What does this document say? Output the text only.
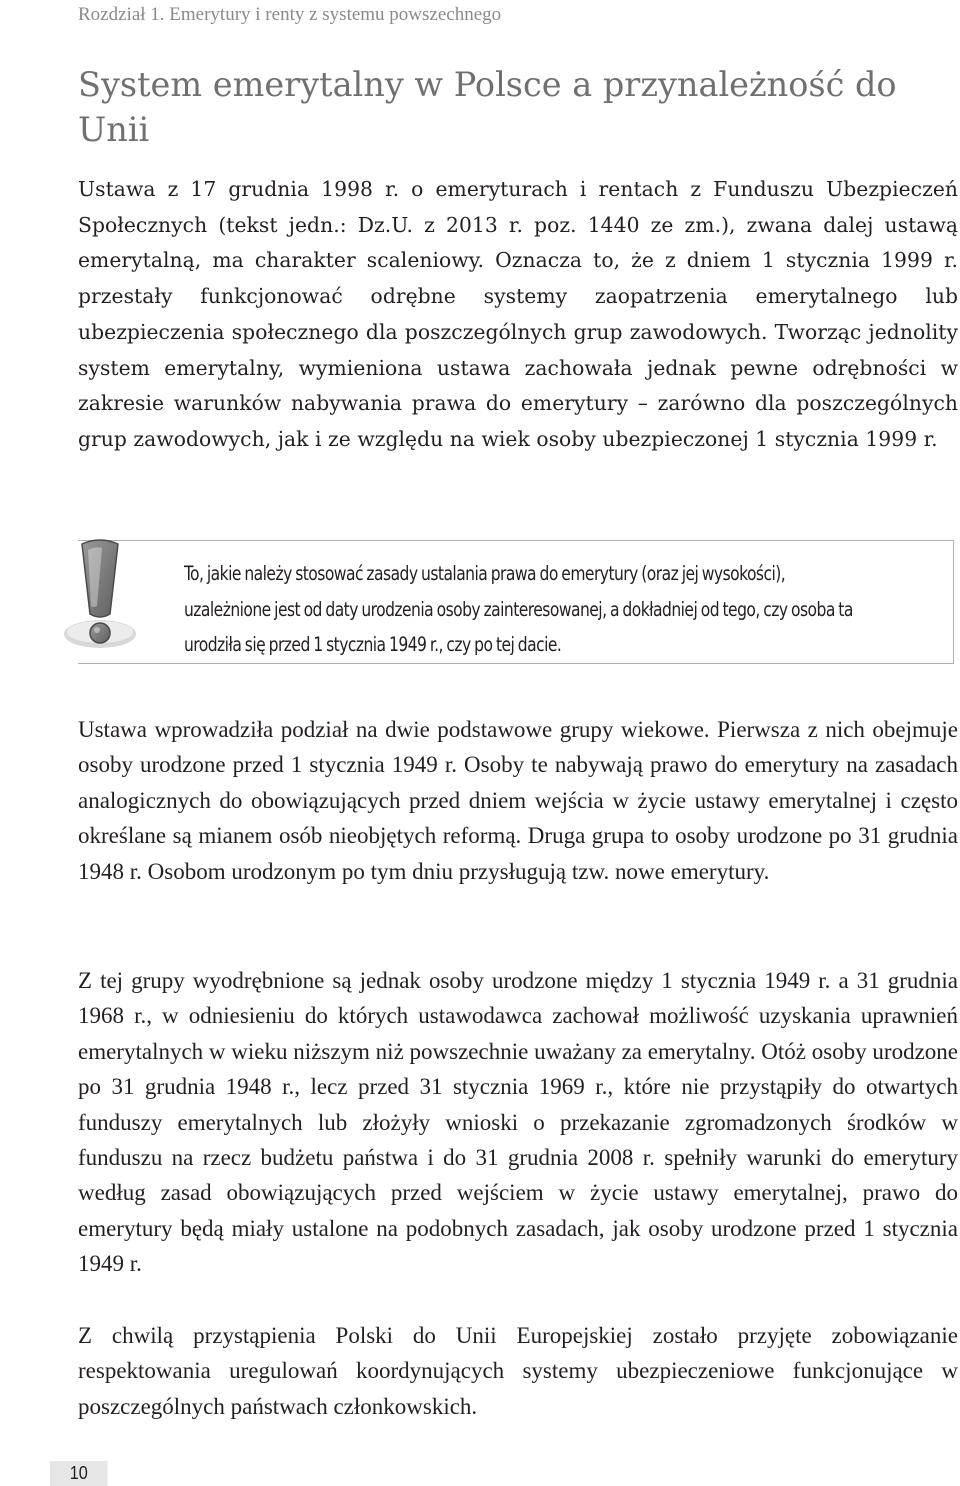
Rozdział 1. Emerytury i renty z systemu powszechnego
System emerytalny w Polsce a przynależność do Unii

Ustawa z 17 grudnia 1998 r. o emeryturach i rentach z Funduszu Ubezpieczeń Społecznych (tekst jedn.: Dz.U. z 2013 r. poz. 1440 ze zm.), zwana dalej ustawą emerytalną, ma charakter scaleniowy. Oznacza to, że z dniem 1 stycznia 1999 r. przestały funkcjonować odrębne systemy zaopatrzenia emerytalnego lub ubezpieczenia społecznego dla poszczególnych grup zawodowych. Tworząc jednolity system emerytalny, wymieniona ustawa zachowała jednak pewne odrębności w zakresie warunków nabywania prawa do emerytury – zarówno dla poszczególnych grup zawodowych, jak i ze względu na wiek osoby ubezpieczonej 1 stycznia 1999 r.

To, jakie należy stosować zasady ustalania prawa do emerytury (oraz jej wysokości), uzależnione jest od daty urodzenia osoby zainteresowanej, a dokładniej od tego, czy osoba ta urodziła się przed 1 stycznia 1949 r., czy po tej dacie.

Ustawa wprowadziła podział na dwie podstawowe grupy wiekowe. Pierwsza z nich obejmuje osoby urodzone przed 1 stycznia 1949 r. Osoby te nabywają prawo do emerytury na zasadach analogicznych do obowiązujących przed dniem wejścia w życie ustawy emerytalnej i często określane są mianem osób nieobjętych reformą. Druga grupa to osoby urodzone po 31 grudnia 1948 r. Osobom urodzonym po tym dniu przysługują tzw. nowe emerytury.

Z tej grupy wyodrębnione są jednak osoby urodzone między 1 stycznia 1949 r. a 31 grudnia 1968 r., w odniesieniu do których ustawodawca zachował możliwość uzyskania uprawnień emerytalnych w wieku niższym niż powszechnie uważany za emerytalny. Otóż osoby urodzone po 31 grudnia 1948 r., lecz przed 31 stycznia 1969 r., które nie przystąpiły do otwartych funduszy emerytalnych lub złożyły wnioski o przekazanie zgromadzonych środków w funduszu na rzecz budżetu państwa i do 31 grudnia 2008 r. spełniły warunki do emerytury według zasad obowiązujących przed wejściem w życie ustawy emerytalnej, prawo do emerytury będą miały ustalone na podobnych zasadach, jak osoby urodzone przed 1 stycznia 1949 r.

Z chwilą przystąpienia Polski do Unii Europejskiej zostało przyjęte zobowiązanie respektowania uregulowań koordynujących systemy ubezpieczeniowe funkcjonujące w poszczególnych państwach członkowskich.

10
